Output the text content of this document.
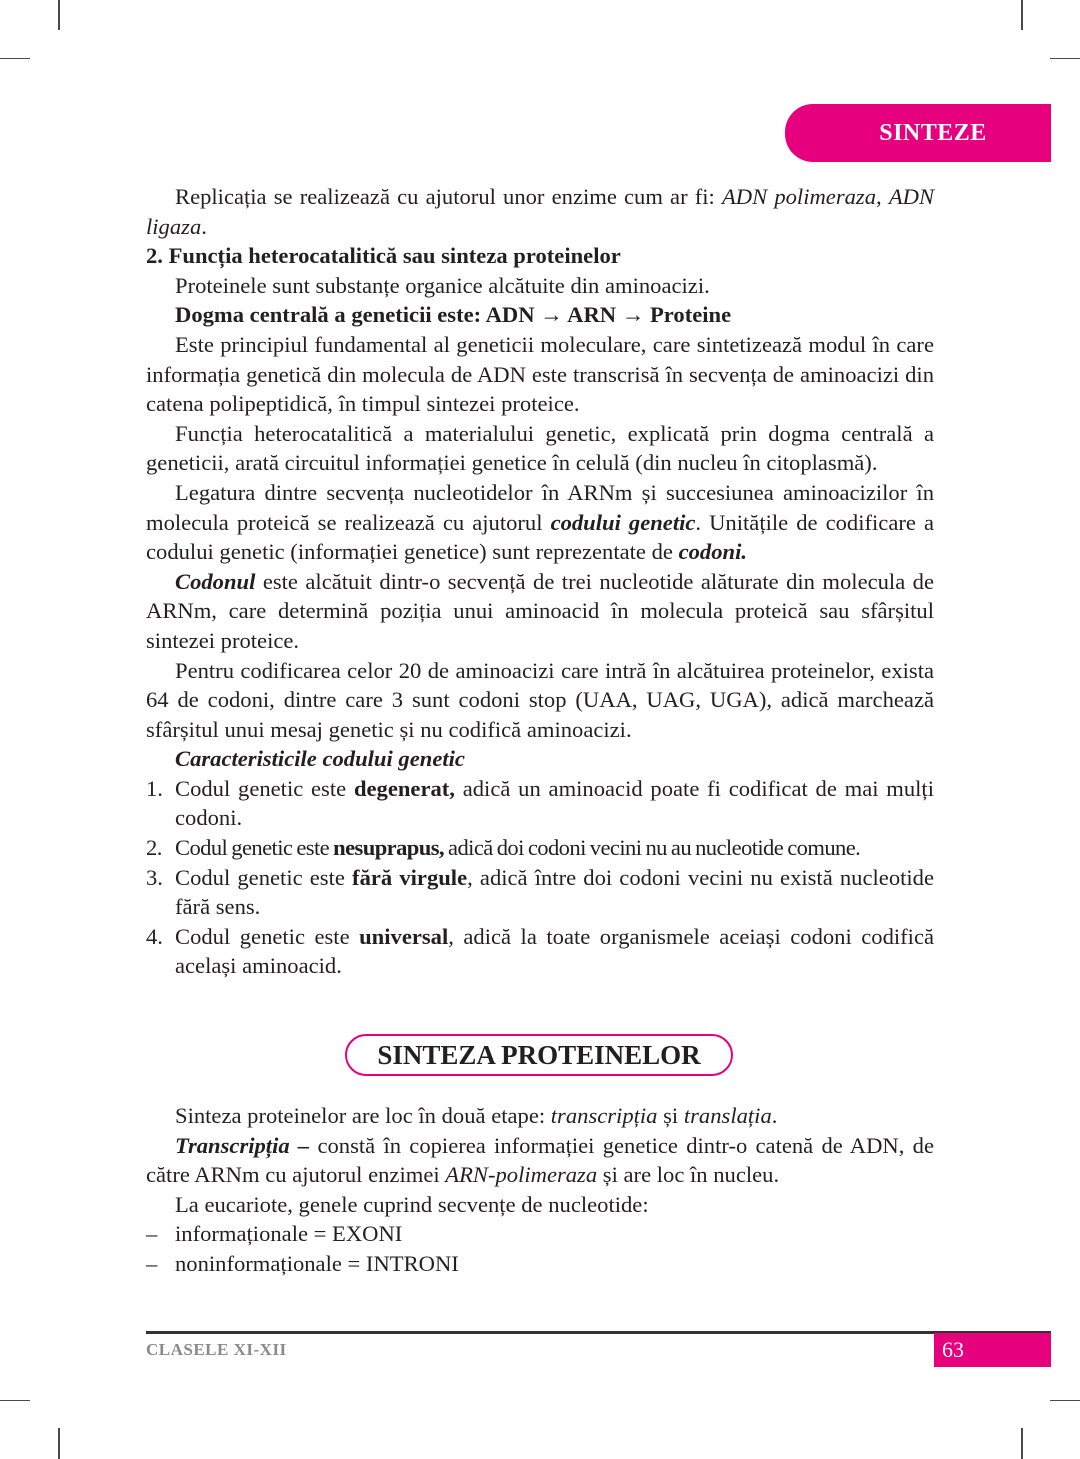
SINTEZE

Replicația se realizează cu ajutorul unor enzime cum ar fi: ADN polimeraza, ADN ligaza.

2. Funcția heterocatalitică sau sinteza proteinelor

Proteinele sunt substanțe organice alcătuite din aminoacizi.

Dogma centrală a geneticii este: ADN → ARN → Proteine

Este principiul fundamental al geneticii moleculare, care sintetizează modul în care informația genetică din molecula de ADN este transcrisă în secvența de aminoacizi din catena polipeptidică, în timpul sintezei proteice.

Funcția heterocatalitică a materialului genetic, explicată prin dogma centrală a geneticii, arată circuitul informației genetice în celulă (din nucleu în citoplasmă).

Legatura dintre secvența nucleotidelor în ARNm și succesiunea aminoacizilor în molecula proteică se realizează cu ajutorul codului genetic. Unitățile de codificare a codului genetic (informației genetice) sunt reprezentate de codoni.

Codonul este alcătuit dintr-o secvență de trei nucleotide alăturate din molecula de ARNm, care determină poziția unui aminoacid în molecula proteică sau sfârșitul sintezei proteice.

Pentru codificarea celor 20 de aminoacizi care intră în alcătuirea proteinelor, exista 64 de codoni, dintre care 3 sunt codoni stop (UAA, UAG, UGA), adică marchează sfârșitul unui mesaj genetic și nu codifică aminoacizi.

Caracteristicile codului genetic

1. Codul genetic este degenerat, adică un aminoacid poate fi codificat de mai mulți codoni.
2. Codul genetic este nesuprapus, adică doi codoni vecini nu au nucleotide comune.
3. Codul genetic este fără virgule, adică între doi codoni vecini nu există nucleotide fără sens.
4. Codul genetic este universal, adică la toate organismele aceiași codoni codifică același aminoacid.
SINTEZA PROTEINELOR

Sinteza proteinelor are loc în două etape: transcripția și translația.

Transcripția – constă în copierea informației genetice dintr-o catenă de ADN, de către ARNm cu ajutorul enzimei ARN-polimeraza și are loc în nucleu.

La eucariote, genele cuprind secvențe de nucleotide:

– informaționale = EXONI
– noninformaționale = INTRONI
CLASELE XI-XII	63
